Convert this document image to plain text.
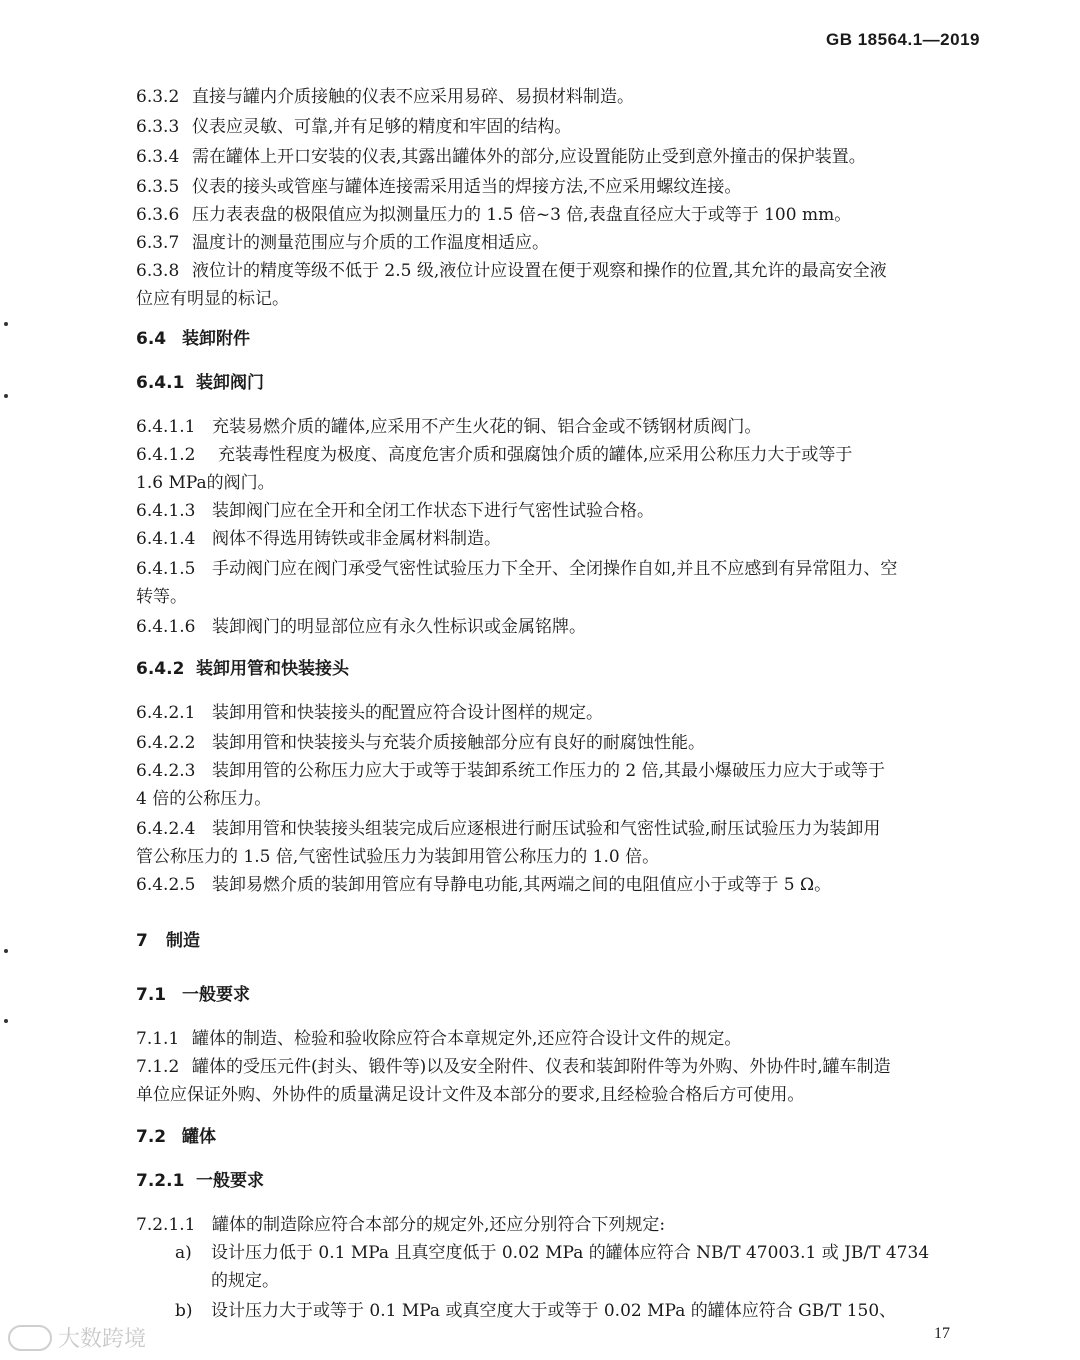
GB 18564.1—2019
6.3.2 直接与罐内介质接触的仪表不应采用易碎、易损材料制造。
6.3.3 仪表应灵敏、可靠,并有足够的精度和牢固的结构。
6.3.4 需在罐体上开口安装的仪表,其露出罐体外的部分,应设置能防止受到意外撞击的保护装置。
6.3.5 仪表的接头或管座与罐体连接需采用适当的焊接方法,不应采用螺纹连接。
6.3.6 压力表表盘的极限值应为拟测量压力的 1.5 倍~3 倍,表盘直径应大于或等于 100 mm。
6.3.7 温度计的测量范围应与介质的工作温度相适应。
6.3.8 液位计的精度等级不低于 2.5 级,液位计应设置在便于观察和操作的位置,其允许的最高安全液
位应有明显的标记。
6.4 装卸附件
6.4.1 装卸阀门
6.4.1.1 充装易燃介质的罐体,应采用不产生火花的铜、铝合金或不锈钢材质阀门。
6.4.1.2 充装毒性程度为极度、高度危害介质和强腐蚀介质的罐体,应采用公称压力大于或等于
1.6 MPa的阀门。
6.4.1.3 装卸阀门应在全开和全闭工作状态下进行气密性试验合格。
6.4.1.4 阀体不得选用铸铁或非金属材料制造。
6.4.1.5 手动阀门应在阀门承受气密性试验压力下全开、全闭操作自如,并且不应感到有异常阻力、空
转等。
6.4.1.6 装卸阀门的明显部位应有永久性标识或金属铭牌。
6.4.2 装卸用管和快装接头
6.4.2.1 装卸用管和快装接头的配置应符合设计图样的规定。
6.4.2.2 装卸用管和快装接头与充装介质接触部分应有良好的耐腐蚀性能。
6.4.2.3 装卸用管的公称压力应大于或等于装卸系统工作压力的 2 倍,其最小爆破压力应大于或等于
4 倍的公称压力。
6.4.2.4 装卸用管和快装接头组装完成后应逐根进行耐压试验和气密性试验,耐压试验压力为装卸用
管公称压力的 1.5 倍,气密性试验压力为装卸用管公称压力的 1.0 倍。
6.4.2.5 装卸易燃介质的装卸用管应有导静电功能,其两端之间的电阻值应小于或等于 5 Ω。
7 制造
7.1 一般要求
7.1.1 罐体的制造、检验和验收除应符合本章规定外,还应符合设计文件的规定。
7.1.2 罐体的受压元件(封头、锻件等)以及安全附件、仪表和装卸附件等为外购、外协件时,罐车制造
单位应保证外购、外协件的质量满足设计文件及本部分的要求,且经检验合格后方可使用。
7.2 罐体
7.2.1 一般要求
7.2.1.1 罐体的制造除应符合本部分的规定外,还应分别符合下列规定:
a) 设计压力低于 0.1 MPa 且真空度低于 0.02 MPa 的罐体应符合 NB/T 47003.1 或 JB/T 4734
的规定。
b) 设计压力大于或等于 0.1 MPa 或真空度大于或等于 0.02 MPa 的罐体应符合 GB/T 150、
大数跨境	17
